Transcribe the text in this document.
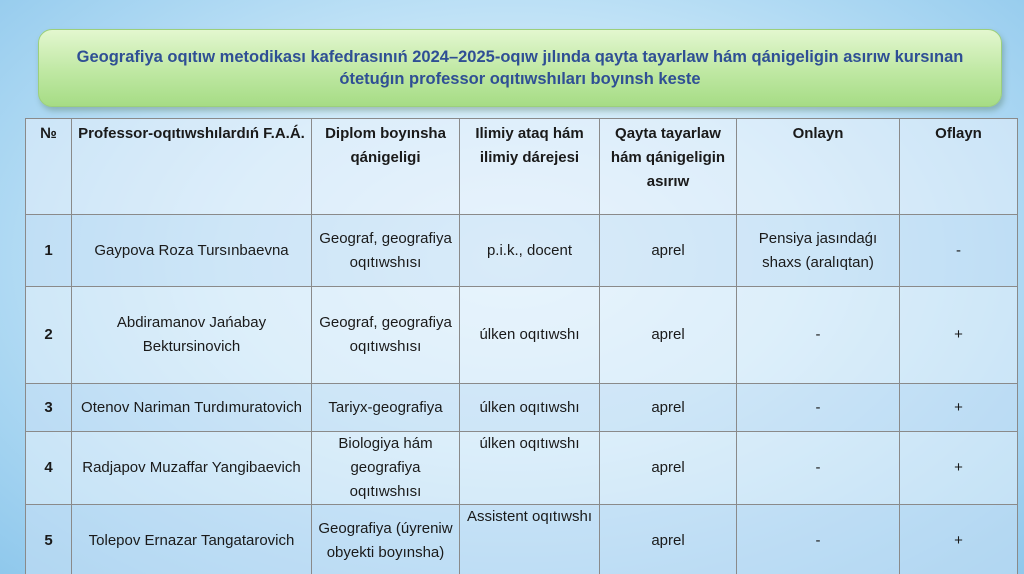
Geografiya oqıtıw metodikası kafedrasınıń 2024–2025-oqıw jılında qayta tayarlaw hám qánigeligin asırıw kursınan ótetuǵın professor oqıtıwshıları boyınsh keste
№	Professor-oqıtıwshılardıń F.A.Á.	Diplom boyınsha qánigeligi	Ilimiy ataq hám ilimiy dárejesi	Qayta tayarlaw hám qánigeligin asırıw	Onlayn	Oflayn
1	Gaypova Roza Tursınbaevna	Geograf, geografiya oqıtıwshısı	p.i.k., docent	aprel	Pensiya jasındaǵı shaxs (aralıqtan)	-
2	Abdiramanov Jańabay Bektursinovich	Geograf, geografiya oqıtıwshısı	úlken oqıtıwshı	aprel	-	+
3	Otenov Nariman Turdımuratovich	Tariyx-geografiya	úlken oqıtıwshı	aprel	-	+
4	Radjapov Muzaffar Yangibaevich	Biologiya hám geografiya oqıtıwshısı	úlken oqıtıwshı	aprel	-	+
5	Tolepov Ernazar Tangatarovich	Geografiya (úyreniw obyekti boyınsha)	Assistent oqıtıwshı	aprel	-	+
